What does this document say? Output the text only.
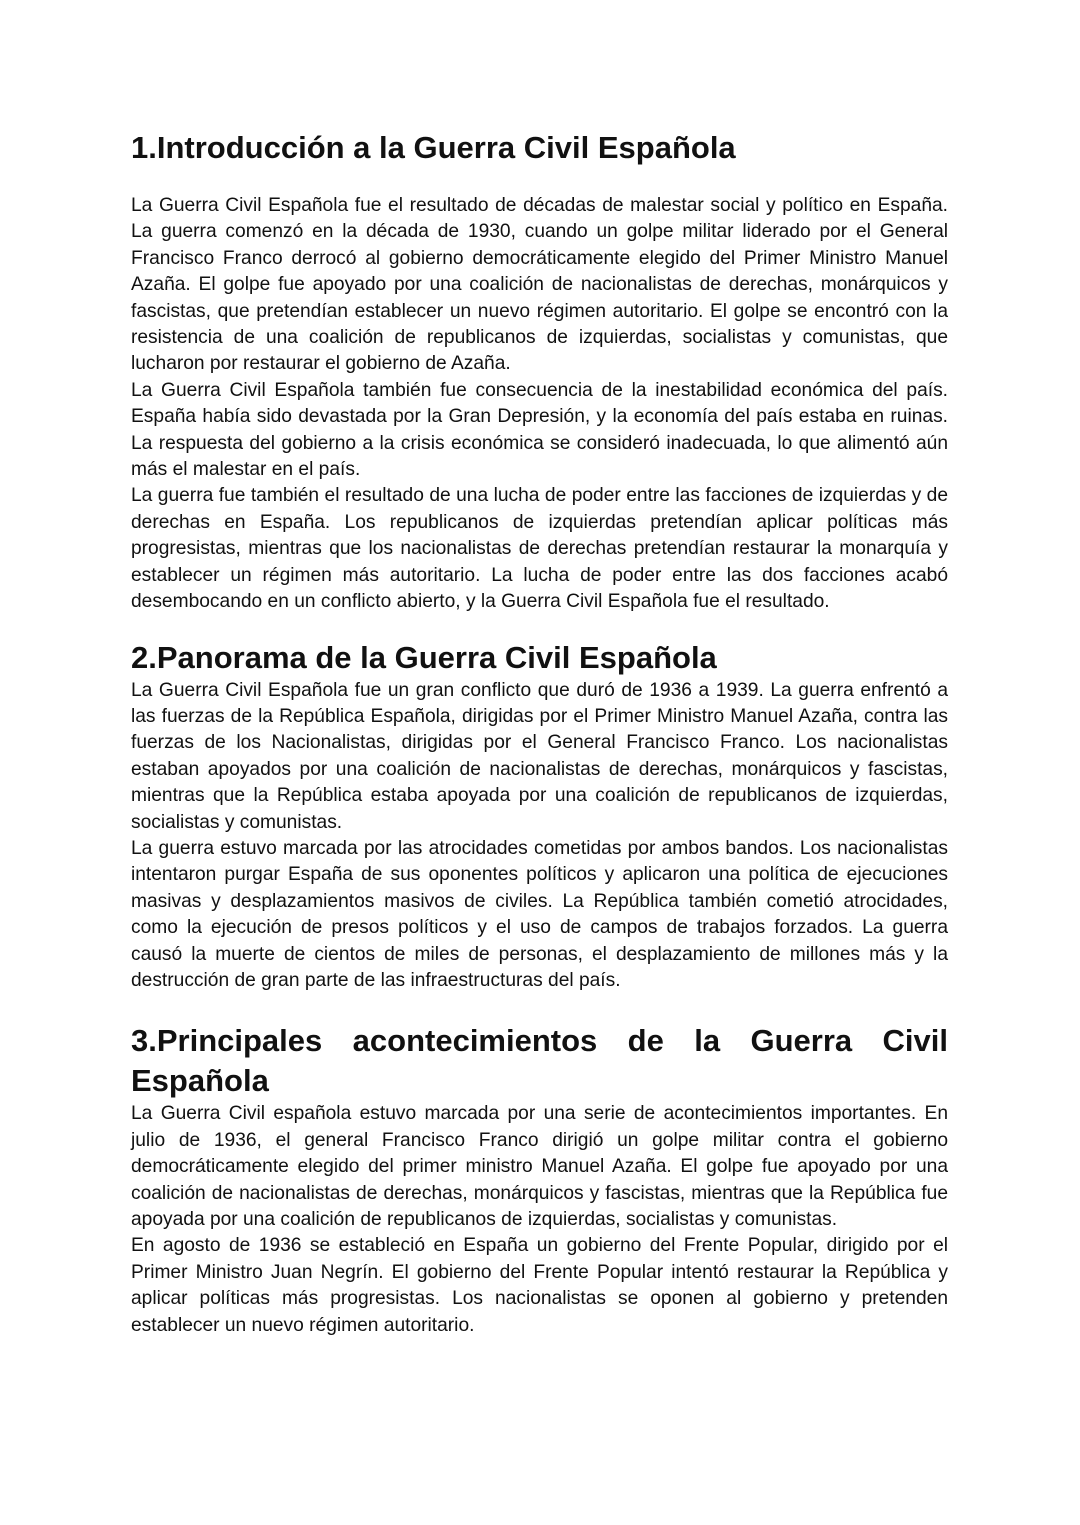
1.Introducción a la Guerra Civil Española

La Guerra Civil Española fue el resultado de décadas de malestar social y político en España. La guerra comenzó en la década de 1930, cuando un golpe militar liderado por el General Francisco Franco derrocó al gobierno democráticamente elegido del Primer Ministro Manuel Azaña. El golpe fue apoyado por una coalición de nacionalistas de derechas, monárquicos y fascistas, que pretendían establecer un nuevo régimen autoritario. El golpe se encontró con la resistencia de una coalición de republicanos de izquierdas, socialistas y comunistas, que lucharon por restaurar el gobierno de Azaña.

La Guerra Civil Española también fue consecuencia de la inestabilidad económica del país. España había sido devastada por la Gran Depresión, y la economía del país estaba en ruinas. La respuesta del gobierno a la crisis económica se consideró inadecuada, lo que alimentó aún más el malestar en el país.

La guerra fue también el resultado de una lucha de poder entre las facciones de izquierdas y de derechas en España. Los republicanos de izquierdas pretendían aplicar políticas más progresistas, mientras que los nacionalistas de derechas pretendían restaurar la monarquía y establecer un régimen más autoritario. La lucha de poder entre las dos facciones acabó desembocando en un conflicto abierto, y la Guerra Civil Española fue el resultado.

2.Panorama de la Guerra Civil Española

La Guerra Civil Española fue un gran conflicto que duró de 1936 a 1939. La guerra enfrentó a las fuerzas de la República Española, dirigidas por el Primer Ministro Manuel Azaña, contra las fuerzas de los Nacionalistas, dirigidas por el General Francisco Franco. Los nacionalistas estaban apoyados por una coalición de nacionalistas de derechas, monárquicos y fascistas, mientras que la República estaba apoyada por una coalición de republicanos de izquierdas, socialistas y comunistas.

La guerra estuvo marcada por las atrocidades cometidas por ambos bandos. Los nacionalistas intentaron purgar España de sus oponentes políticos y aplicaron una política de ejecuciones masivas y desplazamientos masivos de civiles. La República también cometió atrocidades, como la ejecución de presos políticos y el uso de campos de trabajos forzados. La guerra causó la muerte de cientos de miles de personas, el desplazamiento de millones más y la destrucción de gran parte de las infraestructuras del país.

3.Principales acontecimientos de la Guerra Civil
Española

La Guerra Civil española estuvo marcada por una serie de acontecimientos importantes. En julio de 1936, el general Francisco Franco dirigió un golpe militar contra el gobierno democráticamente elegido del primer ministro Manuel Azaña. El golpe fue apoyado por una coalición de nacionalistas de derechas, monárquicos y fascistas, mientras que la República fue apoyada por una coalición de republicanos de izquierdas, socialistas y comunistas.

En agosto de 1936 se estableció en España un gobierno del Frente Popular, dirigido por el Primer Ministro Juan Negrín. El gobierno del Frente Popular intentó restaurar la República y aplicar políticas más progresistas. Los nacionalistas se oponen al gobierno y pretenden establecer un nuevo régimen autoritario.
